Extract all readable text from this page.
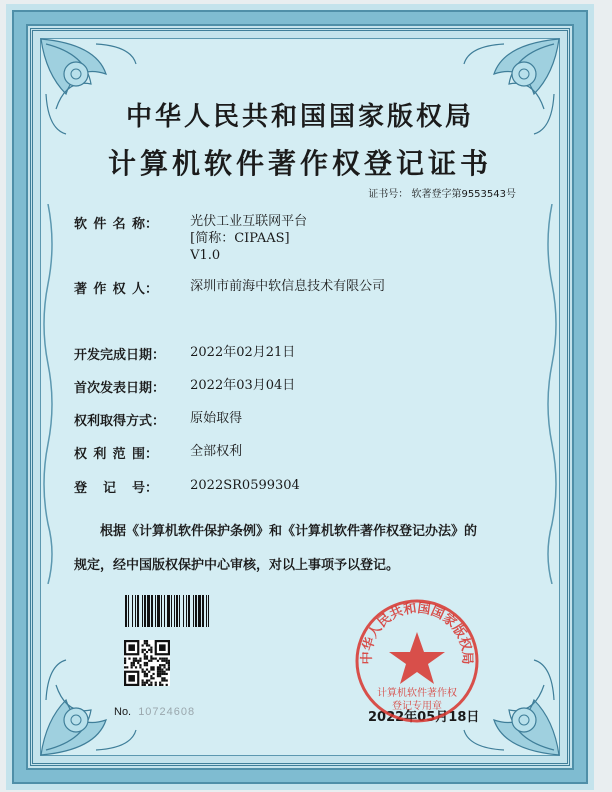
中华人民共和国国家版权局
计算机软件著作权登记证书
证书号： 软著登字第9553543号
软 件 名 称： 光伏工业互联网平台
[简称：CIPAAS]
V1.0
著 作 权 人： 深圳市前海中软信息技术有限公司
开发完成日期： 2022年02月21日
首次发表日期： 2022年03月04日
权利取得方式： 原始取得
权 利 范 围： 全部权利
登 记 号： 2022SR0599304
根据《计算机软件保护条例》和《计算机软件著作权登记办法》的
规定，经中国版权保护中心审核，对以上事项予以登记。
No. 10724608	2022年05月18日
中华人民共和国国家版权局
计算机软件著作权
登记专用章
